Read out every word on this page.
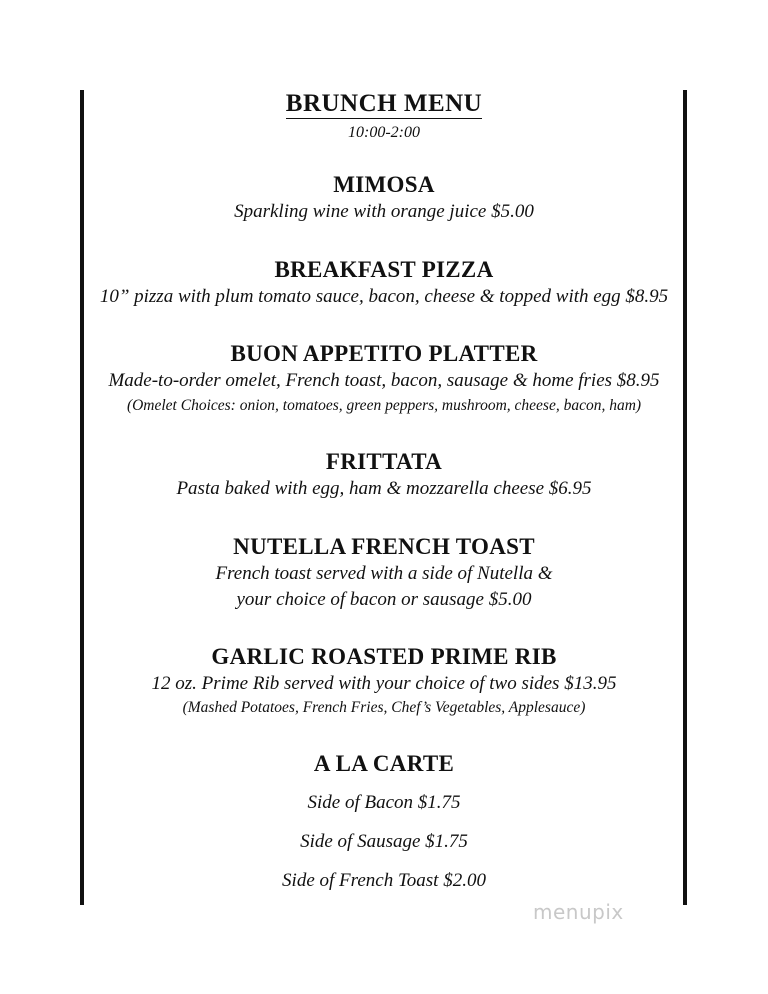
BRUNCH MENU
10:00-2:00
MIMOSA
Sparkling wine with orange juice $5.00
BREAKFAST PIZZA
10” pizza with plum tomato sauce, bacon, cheese & topped with egg $8.95
BUON APPETITO PLATTER
Made-to-order omelet, French toast, bacon, sausage & home fries $8.95
(Omelet Choices: onion, tomatoes, green peppers, mushroom, cheese, bacon, ham)
FRITTATA
Pasta baked with egg, ham & mozzarella cheese $6.95
NUTELLA FRENCH TOAST
French toast served with a side of Nutella &
your choice of bacon or sausage $5.00
GARLIC ROASTED PRIME RIB
12 oz. Prime Rib served with your choice of two sides $13.95
(Mashed Potatoes, French Fries, Chef’s Vegetables, Applesauce)
A LA CARTE
Side of Bacon $1.75
Side of Sausage $1.75
Side of French Toast $2.00
menupix
